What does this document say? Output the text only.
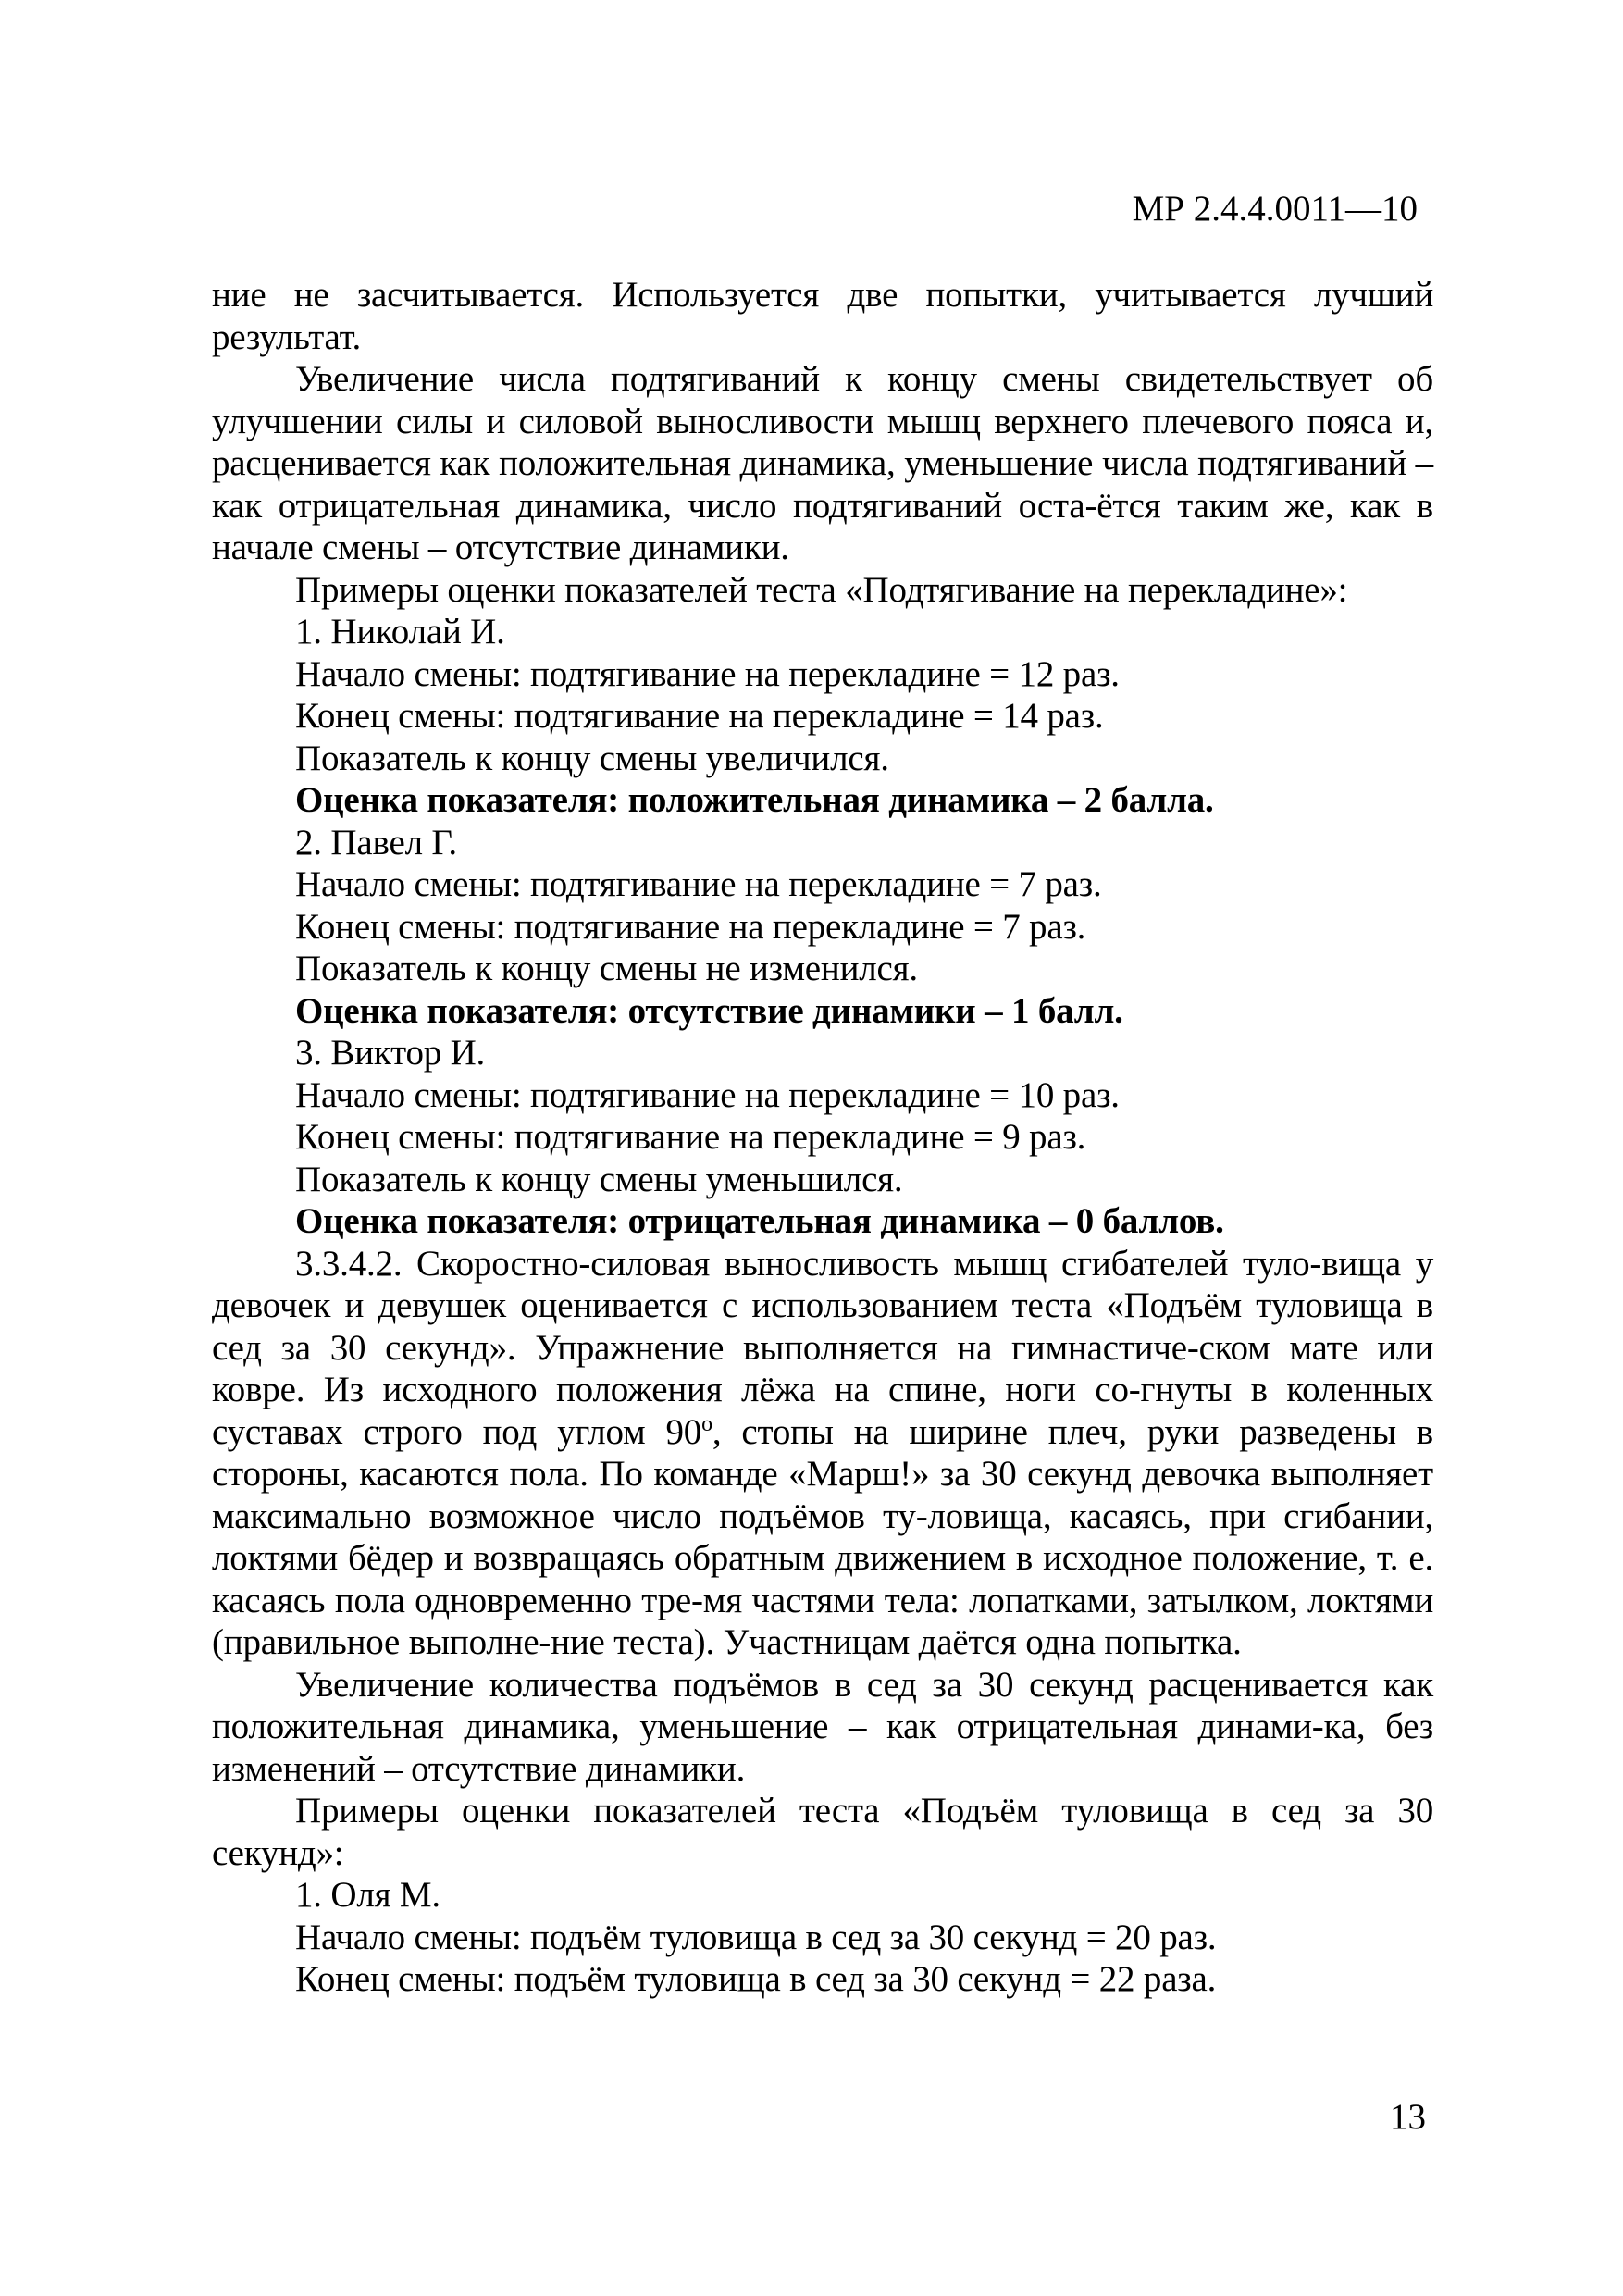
МР 2.4.4.0011—10

ние не засчитывается. Используется две попытки, учитывается лучший результат.

Увеличение числа подтягиваний к концу смены свидетельствует об улучшении силы и силовой выносливости мышц верхнего плечевого пояса и, расценивается как положительная динамика, уменьшение числа подтягиваний – как отрицательная динамика, число подтягиваний оста-ётся таким же, как в начале смены – отсутствие динамики.

Примеры оценки показателей теста «Подтягивание на перекладине»:

1. Николай И.

Начало смены: подтягивание на перекладине = 12 раз.

Конец смены: подтягивание на перекладине = 14 раз.

Показатель к концу смены увеличился.

Оценка показателя: положительная динамика – 2 балла.

2. Павел Г.

Начало смены: подтягивание на перекладине = 7 раз.

Конец смены: подтягивание на перекладине = 7 раз.

Показатель к концу смены не изменился.

Оценка показателя: отсутствие динамики – 1 балл.

3. Виктор И.

Начало смены: подтягивание на перекладине = 10 раз.

Конец смены: подтягивание на перекладине = 9 раз.

Показатель к концу смены уменьшился.

Оценка показателя: отрицательная динамика – 0 баллов.

3.3.4.2. Скоростно-силовая выносливость мышц сгибателей туло-вища у девочек и девушек оценивается с использованием теста «Подъём туловища в сед за 30 секунд». Упражнение выполняется на гимнастиче-ском мате или ковре. Из исходного положения лёжа на спине, ноги со-гнуты в коленных суставах строго под углом $90^о$, стопы на ширине плеч, руки разведены в стороны, касаются пола. По команде «Марш!» за 30 секунд девочка выполняет максимально возможное число подъёмов ту-ловища, касаясь, при сгибании, локтями бёдер и возвращаясь обратным движением в исходное положение, т. е. касаясь пола одновременно тре-мя частями тела: лопатками, затылком, локтями (правильное выполне-ние теста). Участницам даётся одна попытка.

Увеличение количества подъёмов в сед за 30 секунд расценивается как положительная динамика, уменьшение – как отрицательная динами-ка, без изменений – отсутствие динамики.

Примеры оценки показателей теста «Подъём туловища в сед за 30 секунд»:

1. Оля М.

Начало смены: подъём туловища в сед за 30 секунд = 20 раз.

Конец смены: подъём туловища в сед за 30 секунд = 22 раза.

13
